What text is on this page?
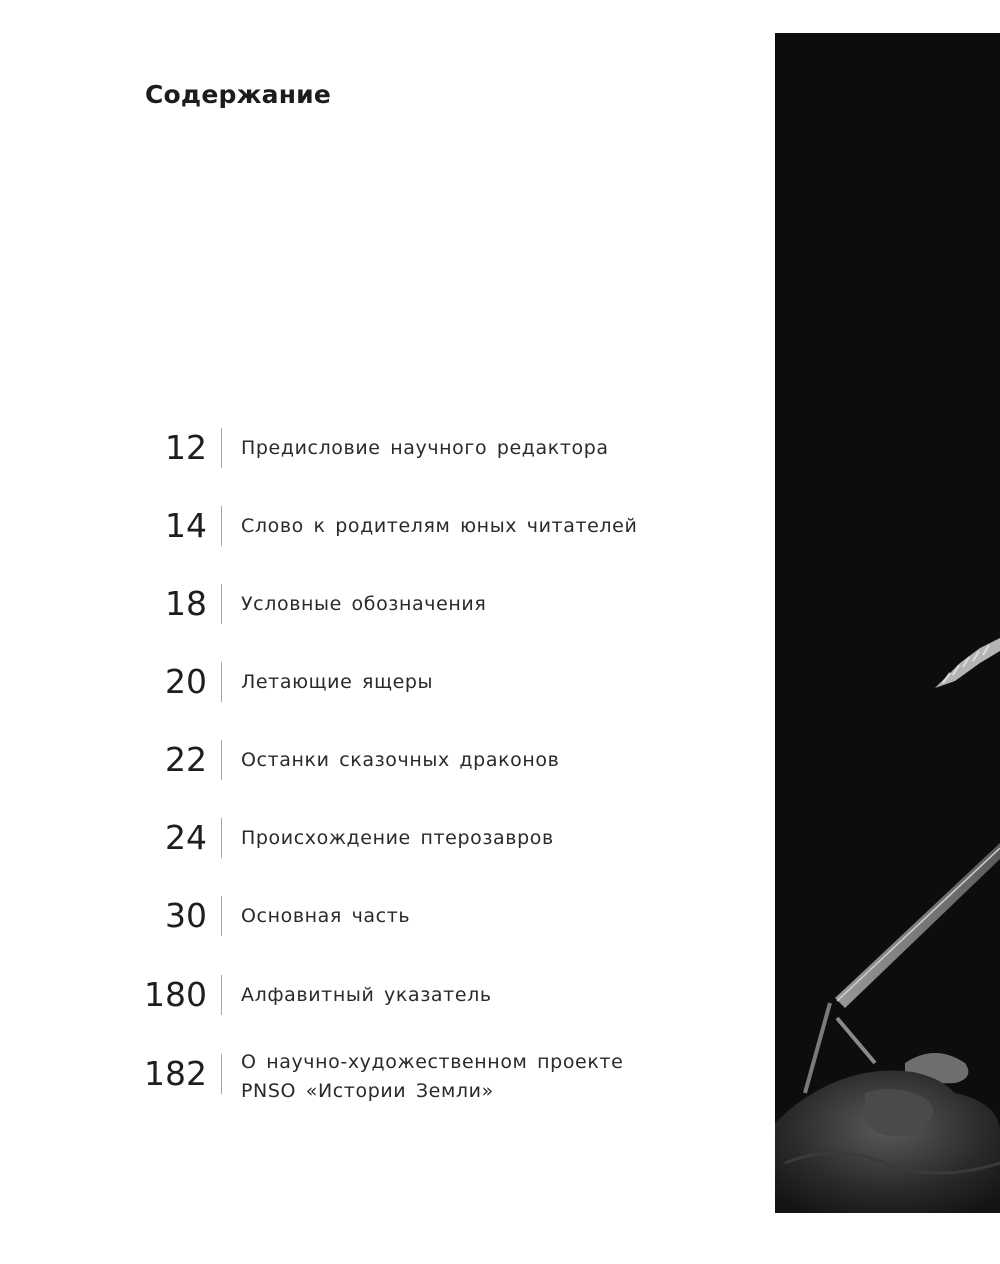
Содержание
12 Предисловие научного редактора
14 Слово к родителям юных читателей
18 Условные обозначения
20 Летающие ящеры
22 Останки сказочных драконов
24 Происхождение птерозавров
30 Основная часть
180 Алфавитный указатель
182 О научно-художественном проекте
PNSO «Истории Земли»
